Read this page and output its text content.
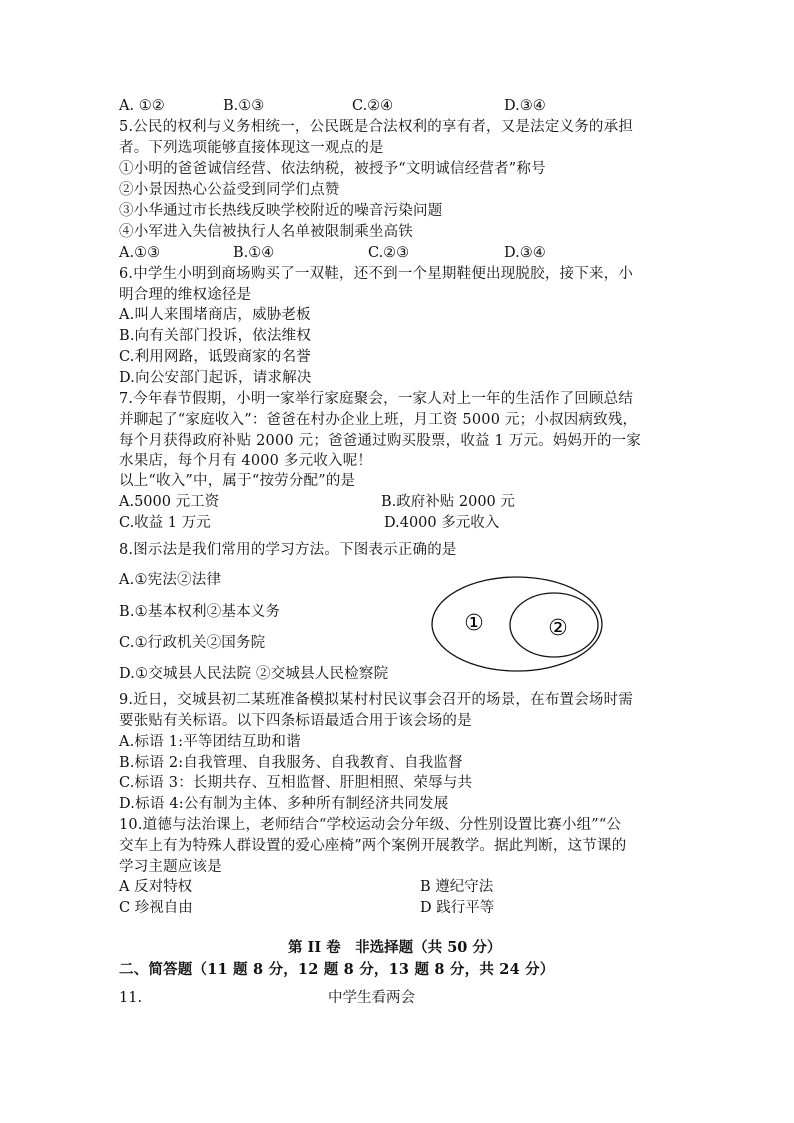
A. ①②	B.①③	C.②④	D.③④
5.公民的权利与义务相统一，公民既是合法权利的享有者，又是法定义务的承担
者。下列选项能够直接体现这一观点的是
①小明的爸爸诚信经营、依法纳税，被授予“文明诚信经营者”称号
②小景因热心公益受到同学们点赞
③小华通过市长热线反映学校附近的噪音污染问题
④小军进入失信被执行人名单被限制乘坐高铁
A.①③	B.①④	C.②③	D.③④
6.中学生小明到商场购买了一双鞋，还不到一个星期鞋便出现脱胶，接下来，小
明合理的维权途径是
A.叫人来围堵商店，威胁老板
B.向有关部门投诉，依法维权
C.利用网路，诋毁商家的名誉
D.向公安部门起诉，请求解决
7.今年春节假期，小明一家举行家庭聚会，一家人对上一年的生活作了回顾总结
并聊起了“家庭收入”：爸爸在村办企业上班，月工资 5000 元；小叔因病致残，
每个月获得政府补贴 2000 元；爸爸通过购买股票，收益 1 万元。妈妈开的一家
水果店，每个月有 4000 多元收入呢！
以上“收入”中，属于“按劳分配”的是
A.5000 元工资	B.政府补贴 2000 元
C.收益 1 万元	D.4000 多元收入
8.图示法是我们常用的学习方法。下图表示正确的是
A.①宪法②法律
B.①基本权利②基本义务
C.①行政机关②国务院
D.①交城县人民法院 ②交城县人民检察院
①	②
9.近日，交城县初二某班准备模拟某村村民议事会召开的场景，在布置会场时需
要张贴有关标语。以下四条标语最适合用于该会场的是
A.标语 1:平等团结互助和谐
B.标语 2:自我管理、自我服务、自我教育、自我监督
C.标语 3：长期共存、互相监督、肝胆相照、荣辱与共
D.标语 4:公有制为主体、多种所有制经济共同发展
10.道德与法治课上，老师结合“学校运动会分年级、分性别设置比赛小组”“公
交车上有为特殊人群设置的爱心座椅”两个案例开展教学。据此判断，这节课的
学习主题应该是
A 反对特权	B 遵纪守法
C 珍视自由	D 践行平等
第 II 卷　非选择题（共 50 分）
二、简答题（11 题 8 分，12 题 8 分，13 题 8 分，共 24 分）
11.	中学生看两会
